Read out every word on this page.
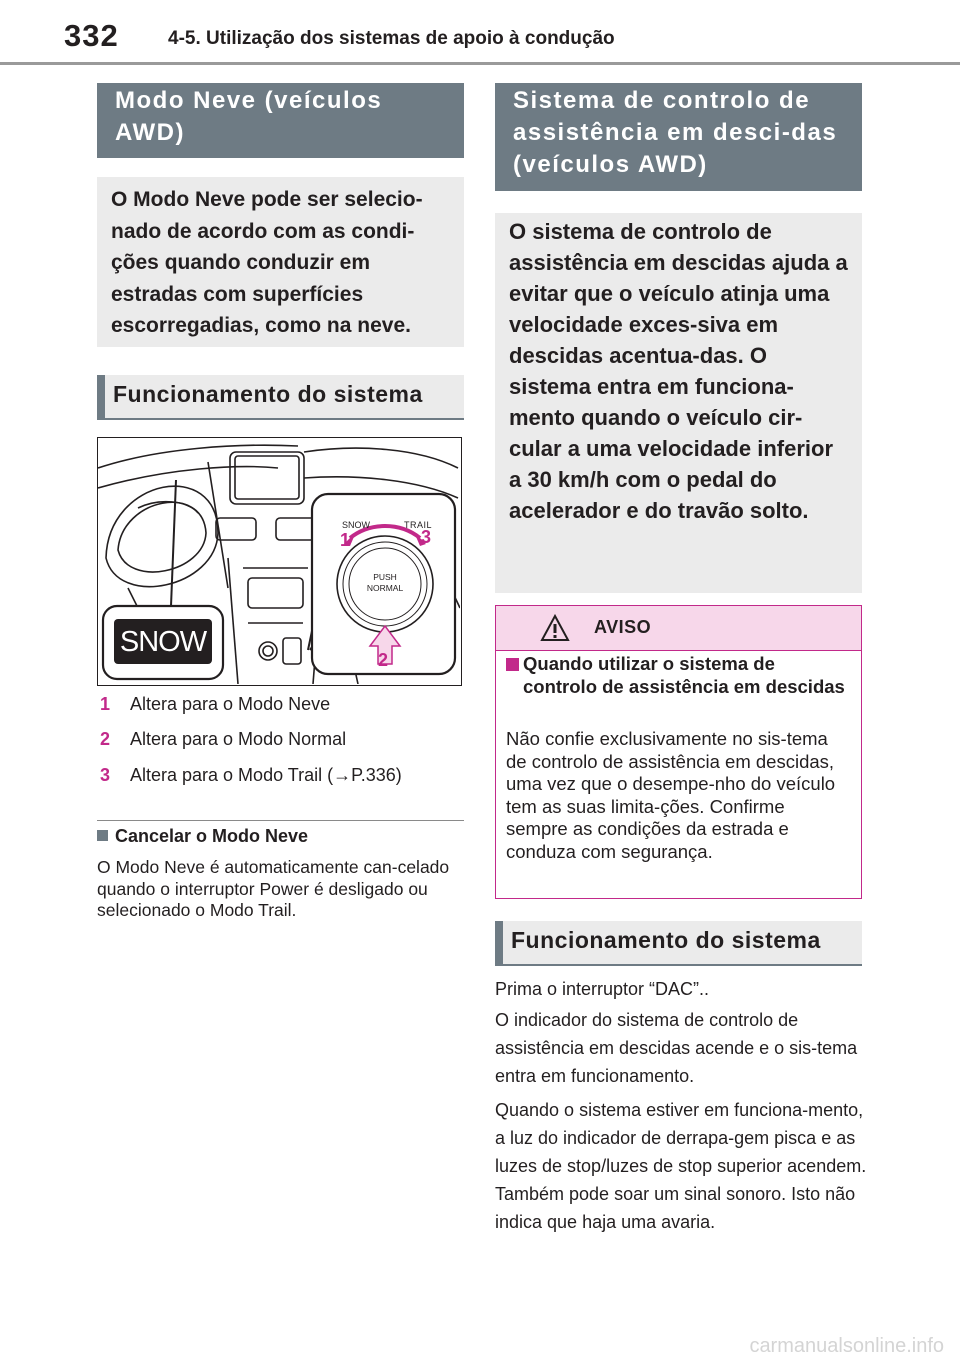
332	4-5. Utilização dos sistemas de apoio à condução
Modo Neve (veículos AWD)
O Modo Neve pode ser selecio-nado de acordo com as condi-ções quando conduzir em estradas com superfícies escorregadias, como na neve.
Funcionamento do sistema
SNOW
SNOW	TRAIL
PUSH
NORMAL
1	3
2
1 Altera para o Modo Neve
2 Altera para o Modo Normal
3 Altera para o Modo Trail (→P.336)
Cancelar o Modo Neve
O Modo Neve é automaticamente can-celado quando o interruptor Power é desligado ou selecionado o Modo Trail.
Sistema de controlo de assistência em desci-das (veículos AWD)
O sistema de controlo de assistência em descidas ajuda a evitar que o veículo atinja uma velocidade exces-siva em descidas acentua-das. O sistema entra em funciona-mento quando o veículo cir-cular a uma velocidade inferior a 30 km/h com o pedal do acelerador e do travão solto.
AVISO
Quando utilizar o sistema de controlo de assistência em descidas
Não confie exclusivamente no sis-tema de controlo de assistência em descidas, uma vez que o desempe-nho do veículo tem as suas limita-ções. Confirme sempre as condições da estrada e conduza com segurança.
Funcionamento do sistema
Prima o interruptor “DAC”..
O indicador do sistema de controlo de assistência em descidas acende e o sis-tema entra em funcionamento.
Quando o sistema estiver em funciona-mento, a luz do indicador de derrapa-gem pisca e as luzes de stop/luzes de stop superior acendem. Também pode soar um sinal sonoro. Isto não indica que haja uma avaria.
carmanualsonline.info
